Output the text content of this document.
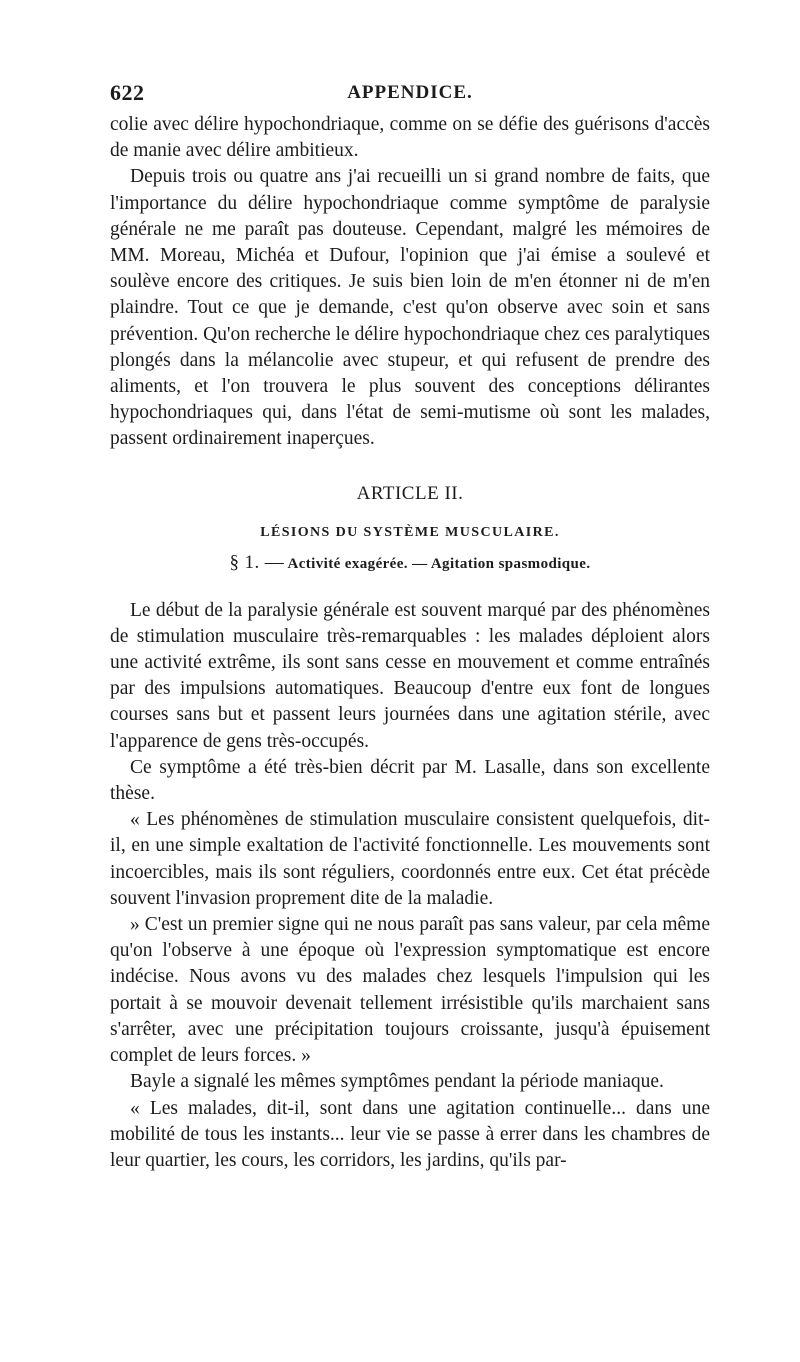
622	APPENDICE.

colie avec délire hypochondriaque, comme on se défie des guérisons d'accès de manie avec délire ambitieux.

Depuis trois ou quatre ans j'ai recueilli un si grand nombre de faits, que l'importance du délire hypochondriaque comme symptôme de paralysie générale ne me paraît pas douteuse. Cependant, malgré les mémoires de MM. Moreau, Michéa et Dufour, l'opinion que j'ai émise a soulevé et soulève encore des critiques. Je suis bien loin de m'en étonner ni de m'en plaindre. Tout ce que je demande, c'est qu'on observe avec soin et sans prévention. Qu'on recherche le délire hypochondriaque chez ces paralytiques plongés dans la mélancolie avec stupeur, et qui refusent de prendre des aliments, et l'on trouvera le plus souvent des conceptions délirantes hypochondriaques qui, dans l'état de semi-mutisme où sont les malades, passent ordinairement inaperçues.

ARTICLE II.
LÉSIONS DU SYSTÈME MUSCULAIRE.
§ 1. — Activité exagérée. — Agitation spasmodique.

Le début de la paralysie générale est souvent marqué par des phénomènes de stimulation musculaire très-remarquables : les malades déploient alors une activité extrême, ils sont sans cesse en mouvement et comme entraînés par des impulsions automatiques. Beaucoup d'entre eux font de longues courses sans but et passent leurs journées dans une agitation stérile, avec l'apparence de gens très-occupés.

Ce symptôme a été très-bien décrit par M. Lasalle, dans son excellente thèse.

« Les phénomènes de stimulation musculaire consistent quelquefois, dit-il, en une simple exaltation de l'activité fonctionnelle. Les mouvements sont incoercibles, mais ils sont réguliers, coordonnés entre eux. Cet état précède souvent l'invasion proprement dite de la maladie.

» C'est un premier signe qui ne nous paraît pas sans valeur, par cela même qu'on l'observe à une époque où l'expression symptomatique est encore indécise. Nous avons vu des malades chez lesquels l'impulsion qui les portait à se mouvoir devenait tellement irrésistible qu'ils marchaient sans s'arrêter, avec une précipitation toujours croissante, jusqu'à épuisement complet de leurs forces. »

Bayle a signalé les mêmes symptômes pendant la période maniaque.

« Les malades, dit-il, sont dans une agitation continuelle... dans une mobilité de tous les instants... leur vie se passe à errer dans les chambres de leur quartier, les cours, les corridors, les jardins, qu'ils par-
